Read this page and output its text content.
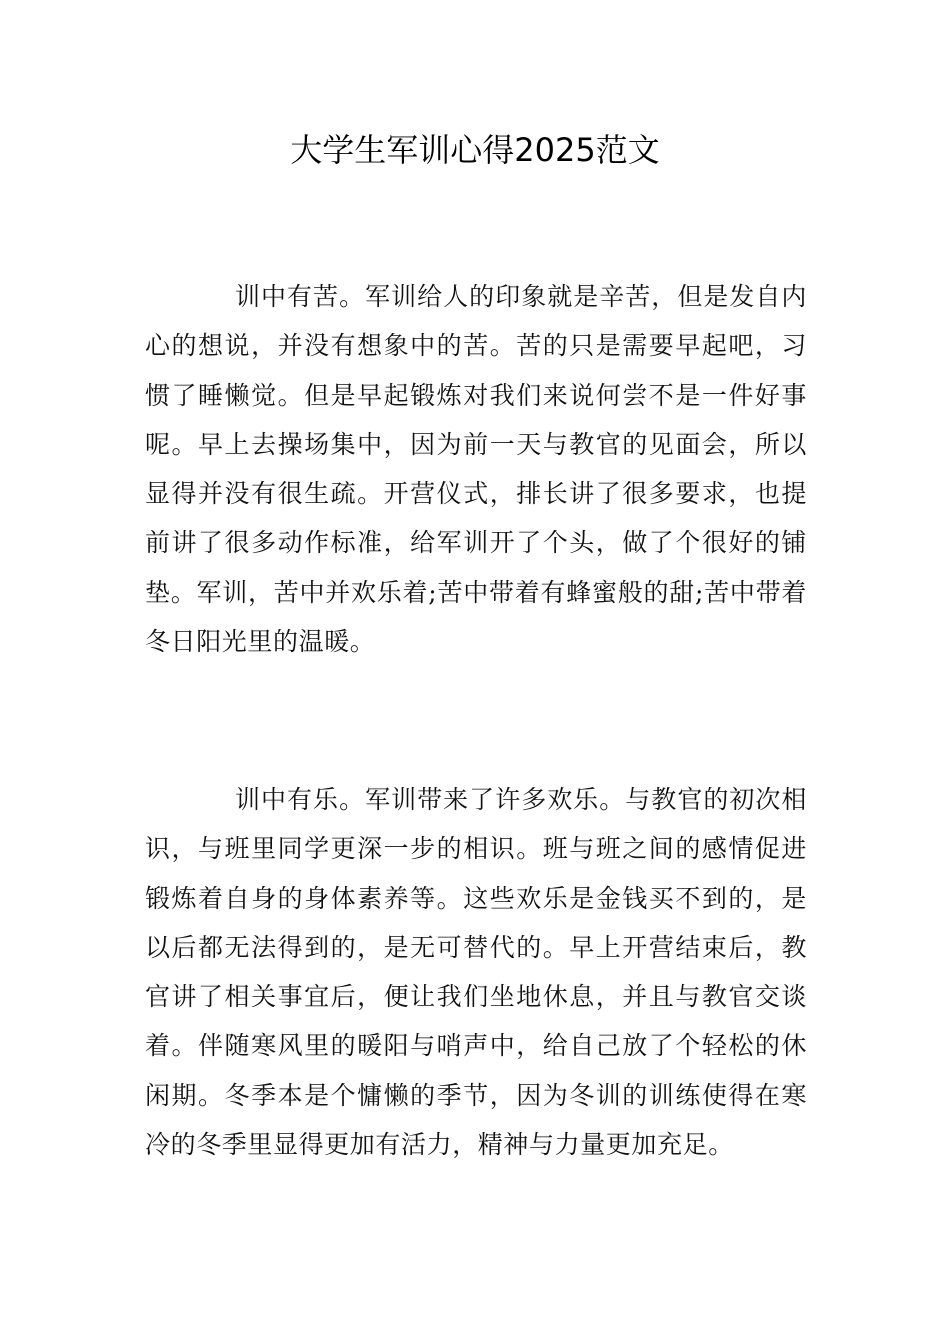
大学生军训心得2025范文

训中有苦。军训给人的印象就是辛苦，但是发自内心的想说，并没有想象中的苦。苦的只是需要早起吧，习惯了睡懒觉。但是早起锻炼对我们来说何尝不是一件好事呢。早上去操场集中，因为前一天与教官的见面会，所以显得并没有很生疏。开营仪式，排长讲了很多要求，也提前讲了很多动作标准，给军训开了个头，做了个很好的铺垫。军训，苦中并欢乐着;苦中带着有蜂蜜般的甜;苦中带着冬日阳光里的温暖。

训中有乐。军训带来了许多欢乐。与教官的初次相识，与班里同学更深一步的相识。班与班之间的感情促进锻炼着自身的身体素养等。这些欢乐是金钱买不到的，是以后都无法得到的，是无可替代的。早上开营结束后，教官讲了相关事宜后，便让我们坐地休息，并且与教官交谈着。伴随寒风里的暖阳与哨声中，给自己放了个轻松的休闲期。冬季本是个慵懒的季节，因为冬训的训练使得在寒冷的冬季里显得更加有活力，精神与力量更加充足。
